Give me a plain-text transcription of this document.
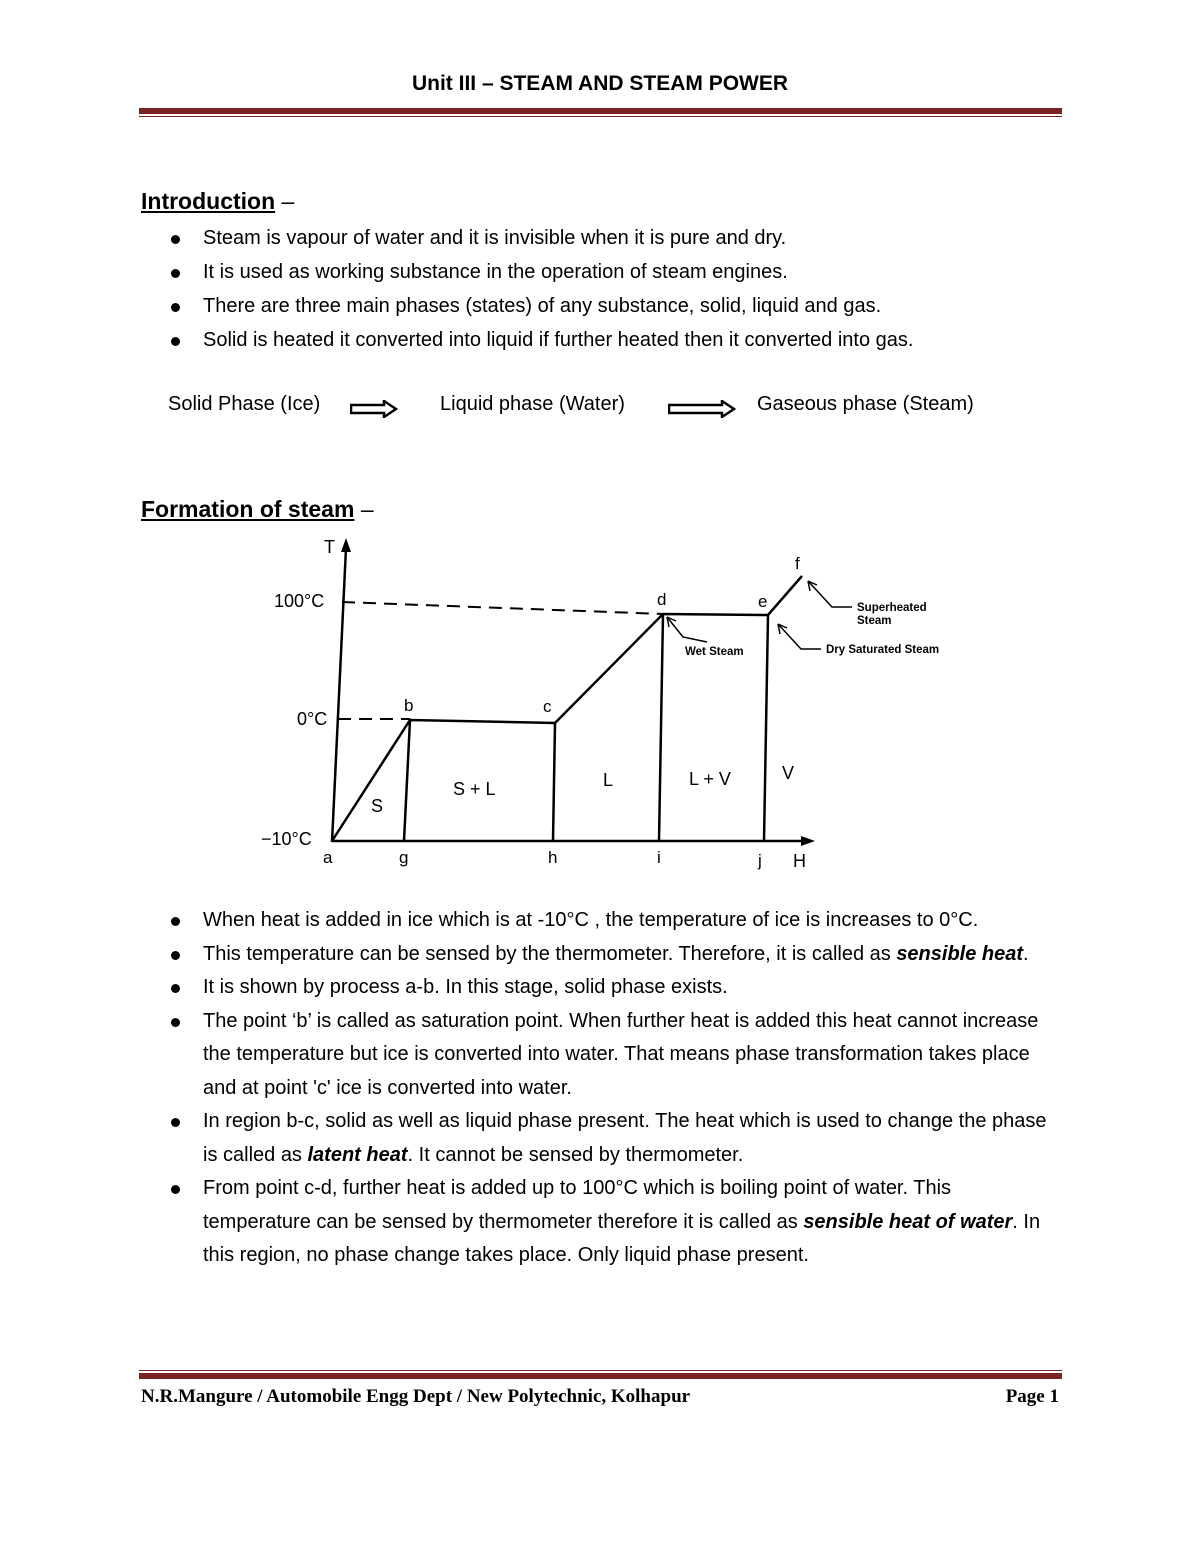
Unit III – STEAM AND STEAM POWER
Introduction –
Steam is vapour of water and it is invisible when it is pure and dry.
It is used as working substance in the operation of steam engines.
There are three main phases (states) of any substance, solid, liquid and gas.
Solid is heated it converted into liquid if further heated then it converted into gas.
Solid Phase (Ice)	Liquid phase (Water)	Gaseous phase (Steam)
Formation of steam –
T
H
100°C
0°C
−10°C
a
b	c
d	e
f
g	h	i	j
S
S + L	L	L + V	V
Superheated
Steam
Dry Saturated Steam
Wet Steam
When heat is added in ice which is at -10°C , the temperature of ice is increases to 0°C.
This temperature can be sensed by the thermometer. Therefore, it is called as sensible heat.
It is shown by process a-b. In this stage, solid phase exists.
The point ‘b’ is called as saturation point. When further heat is added this heat cannot increase the temperature but ice is converted into water. That means phase transformation takes place and at point 'c' ice is converted into water.
In region b-c, solid as well as liquid phase present. The heat which is used to change the phase is called as latent heat. It cannot be sensed by thermometer.
From point c-d, further heat is added up to 100°C which is boiling point of water. This temperature can be sensed by thermometer therefore it is called as sensible heat of water. In this region, no phase change takes place. Only liquid phase present.
N.R.Mangure / Automobile Engg Dept / New Polytechnic, Kolhapur	Page 1
